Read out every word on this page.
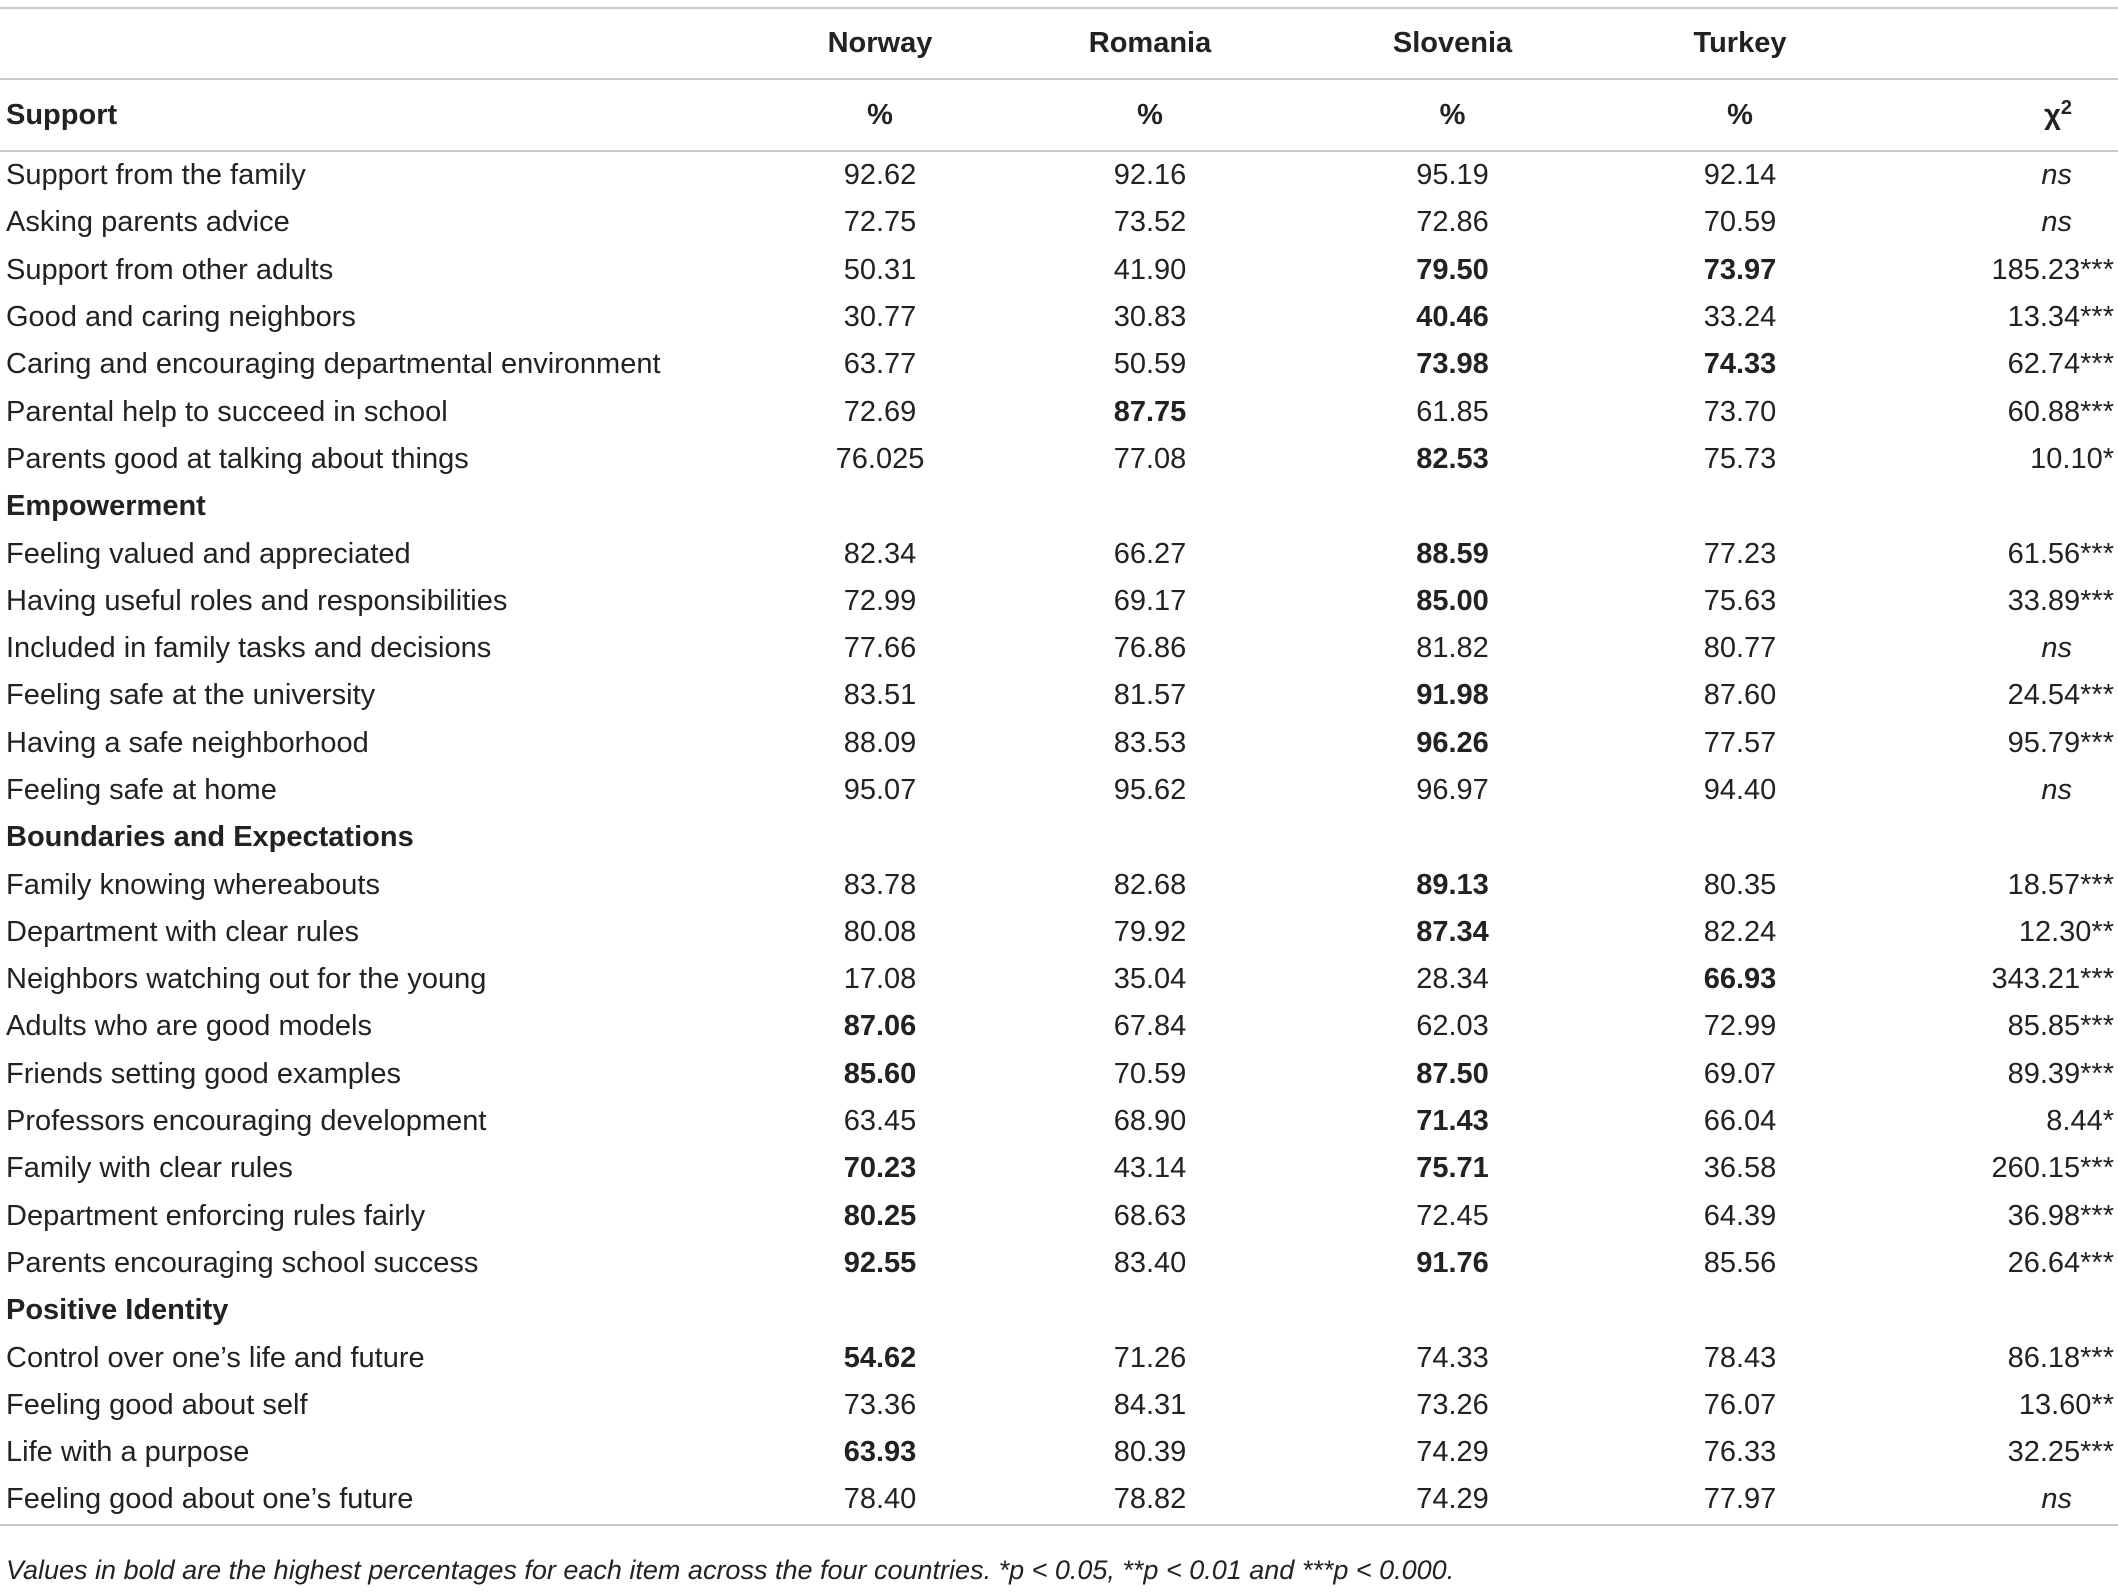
	Norway	Romania	Slovenia	Turkey	
Support	%	%	%	%	$\chi^2$
Support from the family	92.62	92.16	95.19	92.14	ns
Asking parents advice	72.75	73.52	72.86	70.59	ns
Support from other adults	50.31	41.90	79.50	73.97	185.23***
Good and caring neighbors	30.77	30.83	40.46	33.24	13.34***
Caring and encouraging departmental environment	63.77	50.59	73.98	74.33	62.74***
Parental help to succeed in school	72.69	87.75	61.85	73.70	60.88***
Parents good at talking about things	76.025	77.08	82.53	75.73	10.10*
Empowerment					
Feeling valued and appreciated	82.34	66.27	88.59	77.23	61.56***
Having useful roles and responsibilities	72.99	69.17	85.00	75.63	33.89***
Included in family tasks and decisions	77.66	76.86	81.82	80.77	ns
Feeling safe at the university	83.51	81.57	91.98	87.60	24.54***
Having a safe neighborhood	88.09	83.53	96.26	77.57	95.79***
Feeling safe at home	95.07	95.62	96.97	94.40	ns
Boundaries and Expectations					
Family knowing whereabouts	83.78	82.68	89.13	80.35	18.57***
Department with clear rules	80.08	79.92	87.34	82.24	12.30**
Neighbors watching out for the young	17.08	35.04	28.34	66.93	343.21***
Adults who are good models	87.06	67.84	62.03	72.99	85.85***
Friends setting good examples	85.60	70.59	87.50	69.07	89.39***
Professors encouraging development	63.45	68.90	71.43	66.04	8.44*
Family with clear rules	70.23	43.14	75.71	36.58	260.15***
Department enforcing rules fairly	80.25	68.63	72.45	64.39	36.98***
Parents encouraging school success	92.55	83.40	91.76	85.56	26.64***
Positive Identity					
Control over one’s life and future	54.62	71.26	74.33	78.43	86.18***
Feeling good about self	73.36	84.31	73.26	76.07	13.60**
Life with a purpose	63.93	80.39	74.29	76.33	32.25***
Feeling good about one’s future	78.40	78.82	74.29	77.97	ns
Values in bold are the highest percentages for each item across the four countries. *p < 0.05, **p < 0.01 and ***p < 0.000.
